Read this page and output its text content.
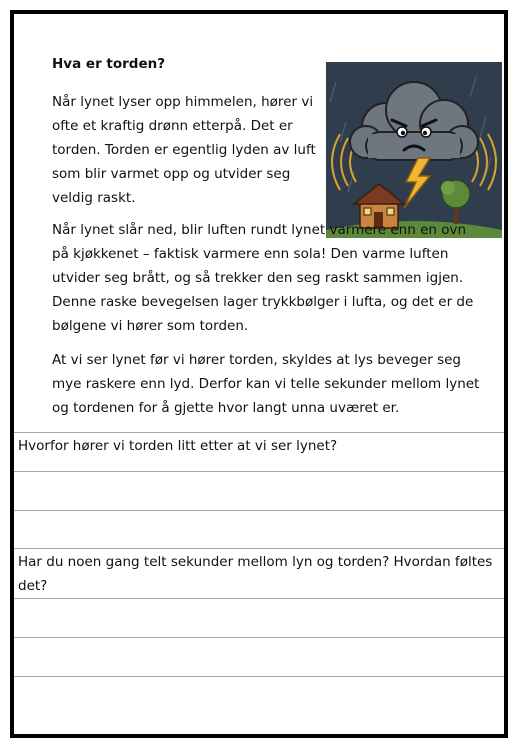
Hva er torden?

Når lynet lyser opp himmelen, hører vi ofte et kraftig drønn etterpå. Det er torden. Torden er egentlig lyden av luft som blir varmet opp og utvider seg veldig raskt.

Når lynet slår ned, blir luften rundt lynet varmere enn en ovn på kjøkkenet – faktisk varmere enn sola! Den varme luften utvider seg brått, og så trekker den seg raskt sammen igjen. Denne raske bevegelsen lager trykkbølger i lufta, og det er de bølgene vi hører som torden.

At vi ser lynet før vi hører torden, skyldes at lys beveger seg mye raskere enn lyd. Derfor kan vi telle sekunder mellom lynet og tordenen for å gjette hvor langt unna uværet er.

Hvorfor hører vi torden litt etter at vi ser lynet?

Har du noen gang telt sekunder mellom lyn og torden? Hvordan føltes det?
